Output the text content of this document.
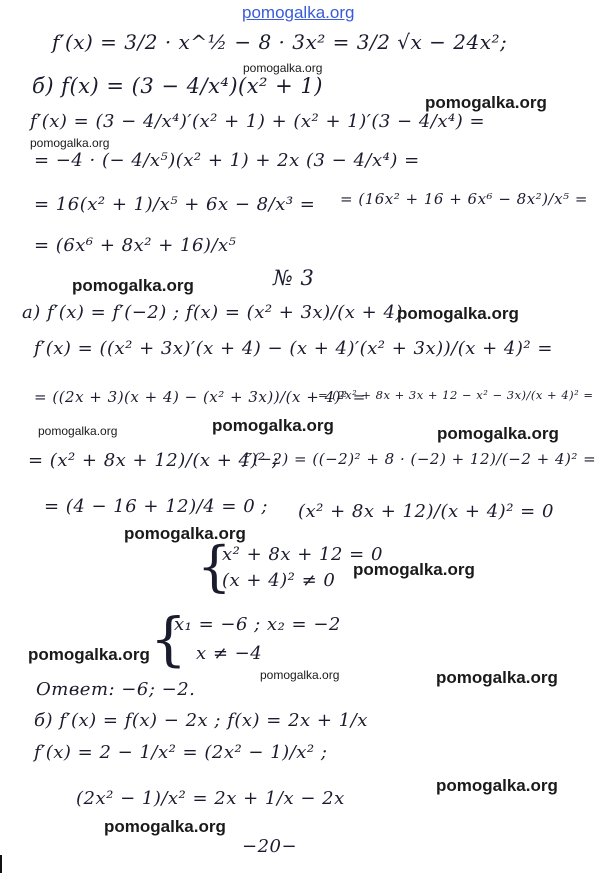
pomogalka.org
f′(x) = 3/2 · x^½ − 8 · 3x² = 3/2 √x − 24x²;
pomogalka.org
б) f(x) = (3 − 4/x⁴)(x² + 1)
pomogalka.org
f′(x) = (3 − 4/x⁴)′(x² + 1) + (x² + 1)′(3 − 4/x⁴) =
pomogalka.org
= −4 · (− 4/x⁵)(x² + 1) + 2x (3 − 4/x⁴) =
= 16(x² + 1)/x⁵ + 6x − 8/x³ = = (16x² + 16 + 6x⁶ − 8x²)/x⁵ =
= (6x⁶ + 8x² + 16)/x⁵
pomogalka.org	№ 3
а) f′(x) = f′(−2) ; f(x) = (x² + 3x)/(x + 4)
pomogalka.org
f′(x) = ((x² + 3x)′(x + 4) − (x + 4)′(x² + 3x))/(x + 4)² =
= ((2x + 3)(x + 4) − (x² + 3x))/(x + 4)² =
= (2x² + 8x + 3x + 12 − x² − 3x)/(x + 4)² =
pomogalka.org	pomogalka.org	pomogalka.org
= (x² + 8x + 12)/(x + 4)² ;
f′(−2) = ((−2)² + 8 · (−2) + 12)/(−2 + 4)² =
= (4 − 16 + 12)/4 = 0 ;
pomogalka.org
(x² + 8x + 12)/(x + 4)² = 0
{
x² + 8x + 12 = 0
(x + 4)² ≠ 0
pomogalka.org
{
x₁ = −6 ; x₂ = −2
x ≠ −4
pomogalka.org
Ответ: −6; −2.
pomogalka.org	pomogalka.org
б) f′(x) = f(x) − 2x ; f(x) = 2x + 1/x
f′(x) = 2 − 1/x² = (2x² − 1)/x² ;
pomogalka.org
(2x² − 1)/x² = 2x + 1/x − 2x
pomogalka.org
−20−
